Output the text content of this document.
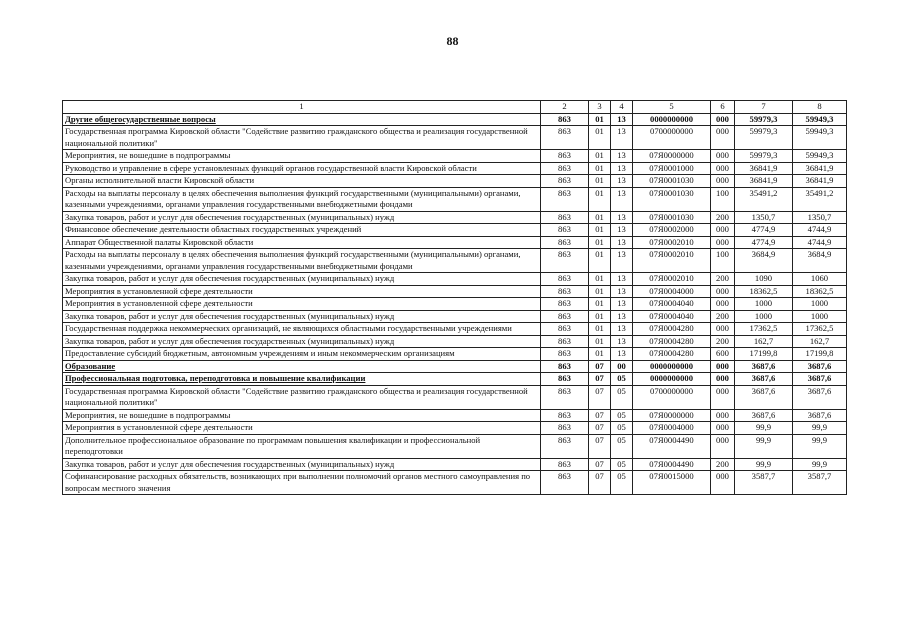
88
1	2	3	4	5	6	7	8
Другие общегосударственные вопросы	863	01	13	0000000000	000	59979,3	59949,3
Государственная программа Кировской области "Содействие развитию гражданского общества и реализация государственной национальной политики"	863	01	13	0700000000	000	59979,3	59949,3
Мероприятия, не вошедшие в подпрограммы	863	01	13	07Я0000000	000	59979,3	59949,3
Руководство и управление в сфере установленных функций органов государственной власти Кировской области	863	01	13	07Я0001000	000	36841,9	36841,9
Органы исполнительной власти Кировской области	863	01	13	07Я0001030	000	36841,9	36841,9
Расходы на выплаты персоналу в целях обеспечения выполнения функций государственными (муниципальными) органами, казенными учреждениями, органами управления государственными внебюджетными фондами	863	01	13	07Я0001030	100	35491,2	35491,2
Закупка товаров, работ и услуг для обеспечения государственных (муниципальных) нужд	863	01	13	07Я0001030	200	1350,7	1350,7
Финансовое обеспечение деятельности областных государственных учреждений	863	01	13	07Я0002000	000	4774,9	4744,9
Аппарат Общественной палаты Кировской области	863	01	13	07Я0002010	000	4774,9	4744,9
Расходы на выплаты персоналу в целях обеспечения выполнения функций государственными (муниципальными) органами, казенными учреждениями, органами управления государственными внебюджетными фондами	863	01	13	07Я0002010	100	3684,9	3684,9
Закупка товаров, работ и услуг для обеспечения государственных (муниципальных) нужд	863	01	13	07Я0002010	200	1090	1060
Мероприятия в установленной сфере деятельности	863	01	13	07Я0004000	000	18362,5	18362,5
Мероприятия в установленной сфере деятельности	863	01	13	07Я0004040	000	1000	1000
Закупка товаров, работ и услуг для обеспечения государственных (муниципальных) нужд	863	01	13	07Я0004040	200	1000	1000
Государственная поддержка некоммерческих организаций, не являющихся областными государственными учреждениями	863	01	13	07Я0004280	000	17362,5	17362,5
Закупка товаров, работ и услуг для обеспечения государственных (муниципальных) нужд	863	01	13	07Я0004280	200	162,7	162,7
Предоставление субсидий бюджетным, автономным учреждениям и иным некоммерческим организациям	863	01	13	07Я0004280	600	17199,8	17199,8
Образование	863	07	00	0000000000	000	3687,6	3687,6
Профессиональная подготовка, переподготовка и повышение квалификации	863	07	05	0000000000	000	3687,6	3687,6
Государственная программа Кировской области "Содействие развитию гражданского общества и реализация государственной национальной политики"	863	07	05	0700000000	000	3687,6	3687,6
Мероприятия, не вошедшие в подпрограммы	863	07	05	07Я0000000	000	3687,6	3687,6
Мероприятия в установленной сфере деятельности	863	07	05	07Я0004000	000	99,9	99,9
Дополнительное профессиональное образование по программам повышения квалификации и профессиональной переподготовки	863	07	05	07Я0004490	000	99,9	99,9
Закупка товаров, работ и услуг для обеспечения государственных (муниципальных) нужд	863	07	05	07Я0004490	200	99,9	99,9
Софинансирование расходных обязательств, возникающих при выполнении полномочий органов местного самоуправления по вопросам местного значения	863	07	05	07Я0015000	000	3587,7	3587,7
